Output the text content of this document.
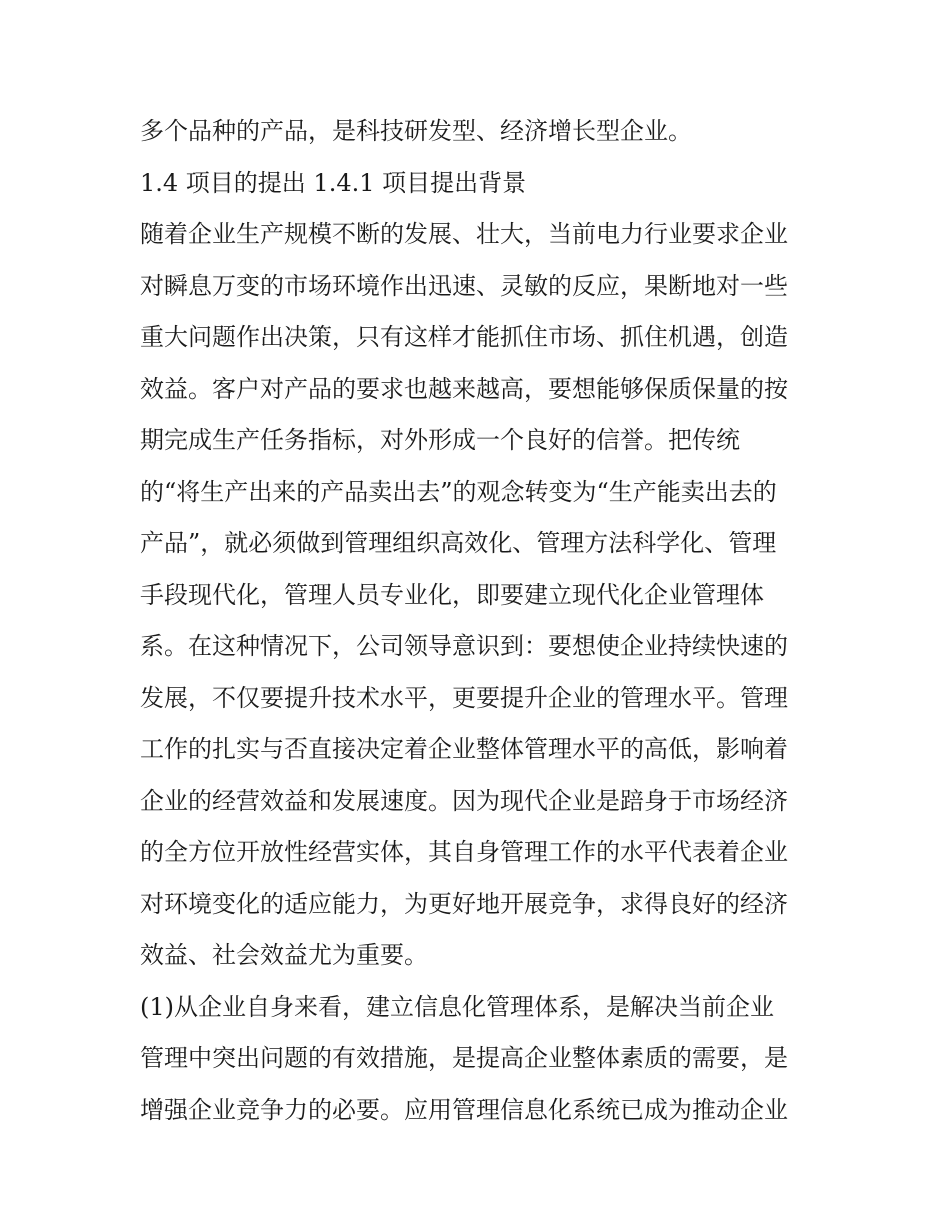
多个品种的产品，是科技研发型、经济增长型企业。
1.4 项目的提出 1.4.1 项目提出背景
随着企业生产规模不断的发展、壮大，当前电力行业要求企业
对瞬息万变的市场环境作出迅速、灵敏的反应，果断地对一些
重大问题作出决策，只有这样才能抓住市场、抓住机遇，创造
效益。客户对产品的要求也越来越高，要想能够保质保量的按
期完成生产任务指标，对外形成一个良好的信誉。把传统
的“将生产出来的产品卖出去”的观念转变为“生产能卖出去的
产品”，就必须做到管理组织高效化、管理方法科学化、管理
手段现代化，管理人员专业化，即要建立现代化企业管理体
系。在这种情况下，公司领导意识到：要想使企业持续快速的
发展，不仅要提升技术水平，更要提升企业的管理水平。管理
工作的扎实与否直接决定着企业整体管理水平的高低，影响着
企业的经营效益和发展速度。因为现代企业是踣身于市场经济
的全方位开放性经营实体，其自身管理工作的水平代表着企业
对环境变化的适应能力，为更好地开展竞争，求得良好的经济
效益、社会效益尤为重要。
(1)从企业自身来看，建立信息化管理体系，是解决当前企业
管理中突出问题的有效措施，是提高企业整体素质的需要，是
增强企业竞争力的必要。应用管理信息化系统已成为推动企业
